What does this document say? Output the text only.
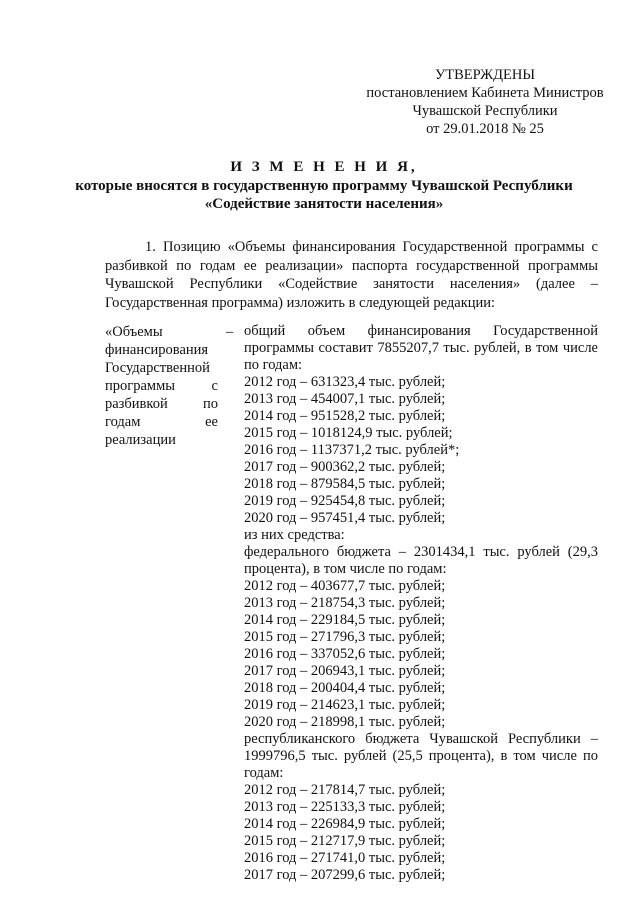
УТВЕРЖДЕНЫ
постановлением Кабинета Министров
Чувашской Республики
от 29.01.2018 № 25
И З М Е Н Е Н И Я,
которые вносятся в государственную программу Чувашской Республики
«Содействие занятости населения»
1. Позицию «Объемы финансирования Государственной программы с разбивкой по годам ее реализации» паспорта государственной программы Чувашской Республики «Содействие занятости населения» (далее – Государственная программа) изложить в следующей редакции:
«Объемы финансирования Государственной программы с разбивкой по годам ее реализации
– общий объем финансирования Государственной программы составит 7855207,7 тыс. рублей, в том числе по годам:
2012 год – 631323,4 тыс. рублей;
2013 год – 454007,1 тыс. рублей;
2014 год – 951528,2 тыс. рублей;
2015 год – 1018124,9 тыс. рублей;
2016 год – 1137371,2 тыс. рублей*;
2017 год – 900362,2 тыс. рублей;
2018 год – 879584,5 тыс. рублей;
2019 год – 925454,8 тыс. рублей;
2020 год – 957451,4 тыс. рублей;
из них средства:
федерального бюджета – 2301434,1 тыс. рублей (29,3 процента), в том числе по годам:
2012 год – 403677,7 тыс. рублей;
2013 год – 218754,3 тыс. рублей;
2014 год – 229184,5 тыс. рублей;
2015 год – 271796,3 тыс. рублей;
2016 год – 337052,6 тыс. рублей;
2017 год – 206943,1 тыс. рублей;
2018 год – 200404,4 тыс. рублей;
2019 год – 214623,1 тыс. рублей;
2020 год – 218998,1 тыс. рублей;
республиканского бюджета Чувашской Республики – 1999796,5 тыс. рублей (25,5 процента), в том числе по годам:
2012 год – 217814,7 тыс. рублей;
2013 год – 225133,3 тыс. рублей;
2014 год – 226984,9 тыс. рублей;
2015 год – 212717,9 тыс. рублей;
2016 год – 271741,0 тыс. рублей;
2017 год – 207299,6 тыс. рублей;
